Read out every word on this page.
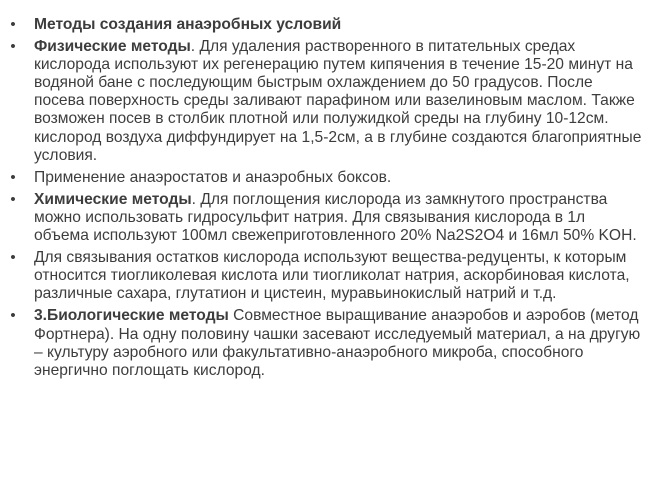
• Методы создания анаэробных условий
• Физические методы. Для удаления растворенного в питательных средах кислорода используют их регенерацию путем кипячения в течение 15-20 минут на водяной бане с последующим быстрым охлаждением до 50 градусов. После посева поверхность среды заливают парафином или вазелиновым маслом. Также возможен посев в столбик плотной или полужидкой среды на глубину 10-12см. кислород воздуха диффундирует на 1,5-2см, а в глубине создаются благоприятные условия.
• Применение анаэростатов и анаэробных боксов.
• Химические методы. Для поглощения кислорода из замкнутого пространства можно использовать гидросульфит натрия. Для связывания кислорода в 1л объема используют 100мл свежеприготовленного 20% Na2S2O4 и 16мл 50% KOH.
• Для связывания остатков кислорода используют вещества-редуценты, к которым относится тиогликолевая кислота или тиогликолат натрия, аскорбиновая кислота, различные сахара, глутатион и цистеин, муравьинокислый натрий и т.д.
• 3.Биологические методы Совместное выращивание анаэробов и аэробов (метод Фортнера). На одну половину чашки засевают исследуемый материал, а на другую – культуру аэробного или факультативно-анаэробного микроба, способного энергично поглощать кислород.
